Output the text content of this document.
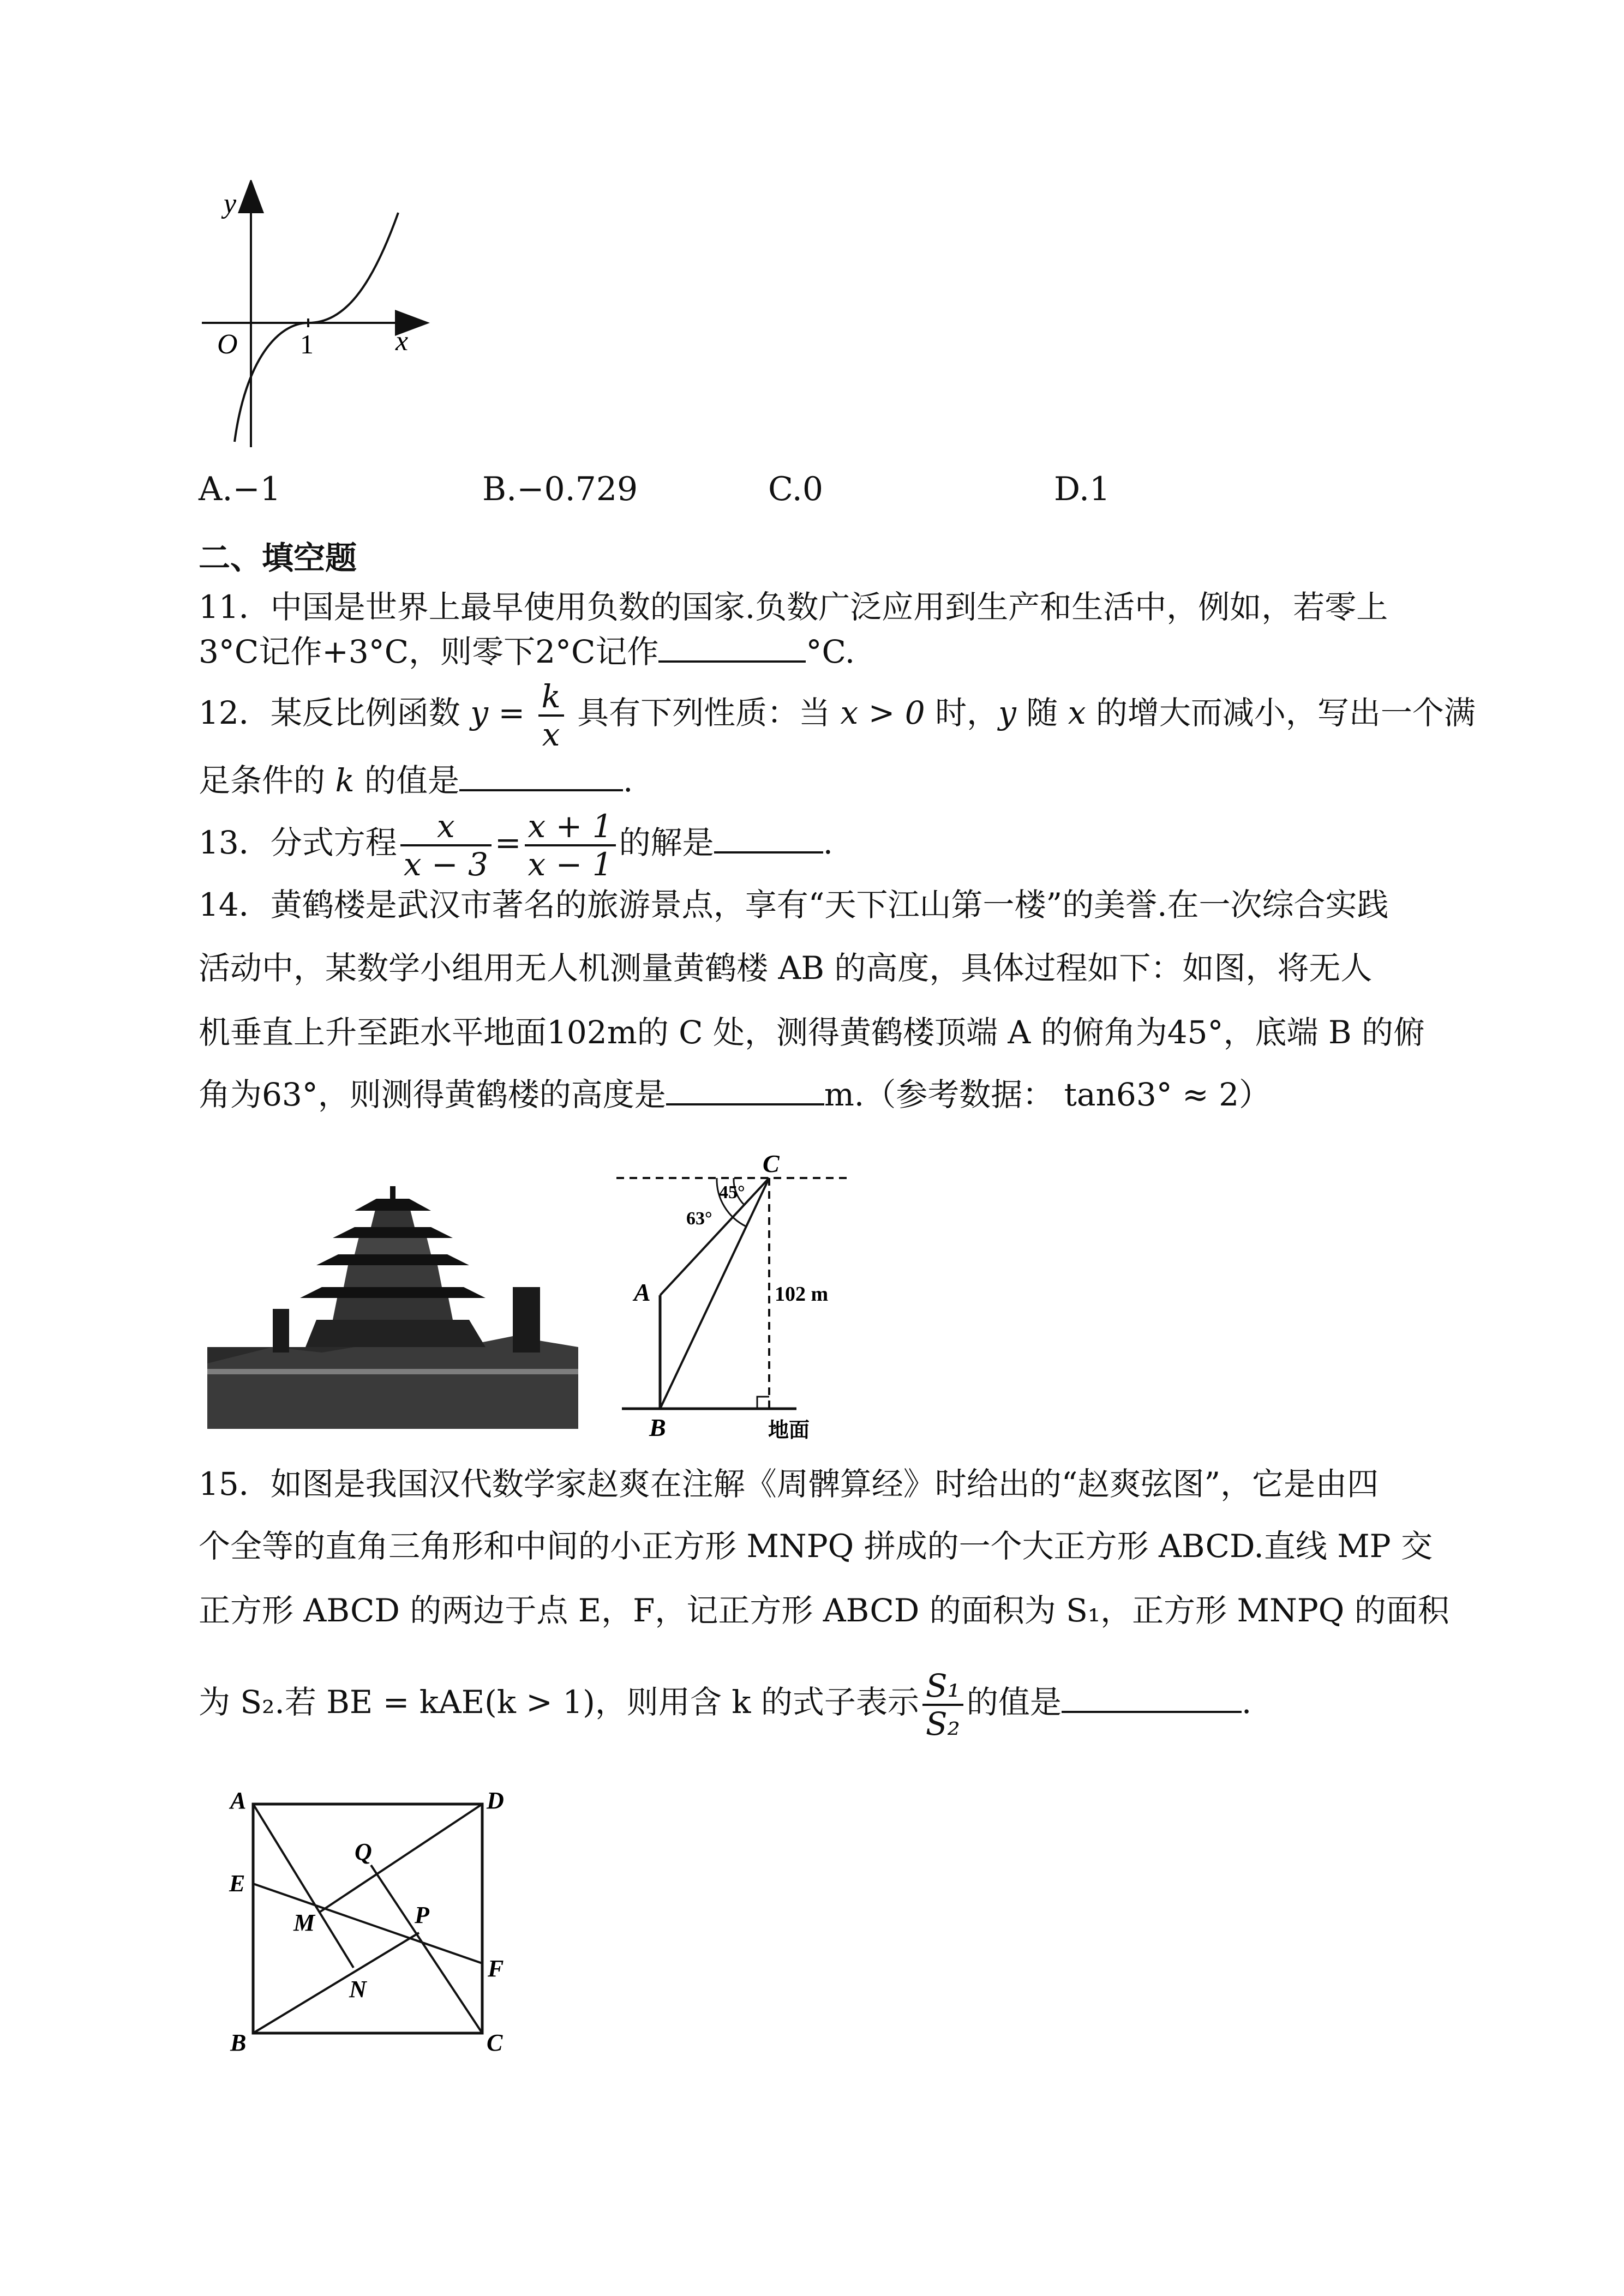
y
x
O 1
A.−1	B.−0.729	C.0	D.1
二、填空题
11．中国是世界上最早使用负数的国家.负数广泛应用到生产和生活中，例如，若零上
3°C记作+3°C，则零下2°C记作	°C.
12．某反比例函数 $y = \frac{k}{x}$ 具有下列性质：当 x > 0 时，y 随 x 的增大而减小，写出一个满
足条件的 k 的值是	.
13．分式方程 $\frac{x}{x - 3} = \frac{x + 1}{x - 1}$ 的解是	.
14．黄鹤楼是武汉市著名的旅游景点，享有“天下江山第一楼”的美誉.在一次综合实践
活动中，某数学小组用无人机测量黄鹤楼 AB 的高度，具体过程如下：如图，将无人
机垂直上升至距水平地面102m的 C 处，测得黄鹤楼顶端 A 的俯角为45°，底端 B 的俯
角为63°，则测得黄鹤楼的高度是	m.（参考数据： tan63° ≈ 2）
C
A
B
45°
63°
102 m
地面
15．如图是我国汉代数学家赵爽在注解《周髀算经》时给出的“赵爽弦图”，它是由四
个全等的直角三角形和中间的小正方形 MNPQ 拼成的一个大正方形 ABCD.直线 MP 交
正方形 ABCD 的两边于点 E，F，记正方形 ABCD 的面积为 S₁，正方形 MNPQ 的面积
为 S₂.若 BE = kAE(k > 1)，则用含 k 的式子表示 $\frac{\text{S₁}}{\text{S₂}}$ 的值是	.
A	D
E
F
B	C
Q
M	P
N
